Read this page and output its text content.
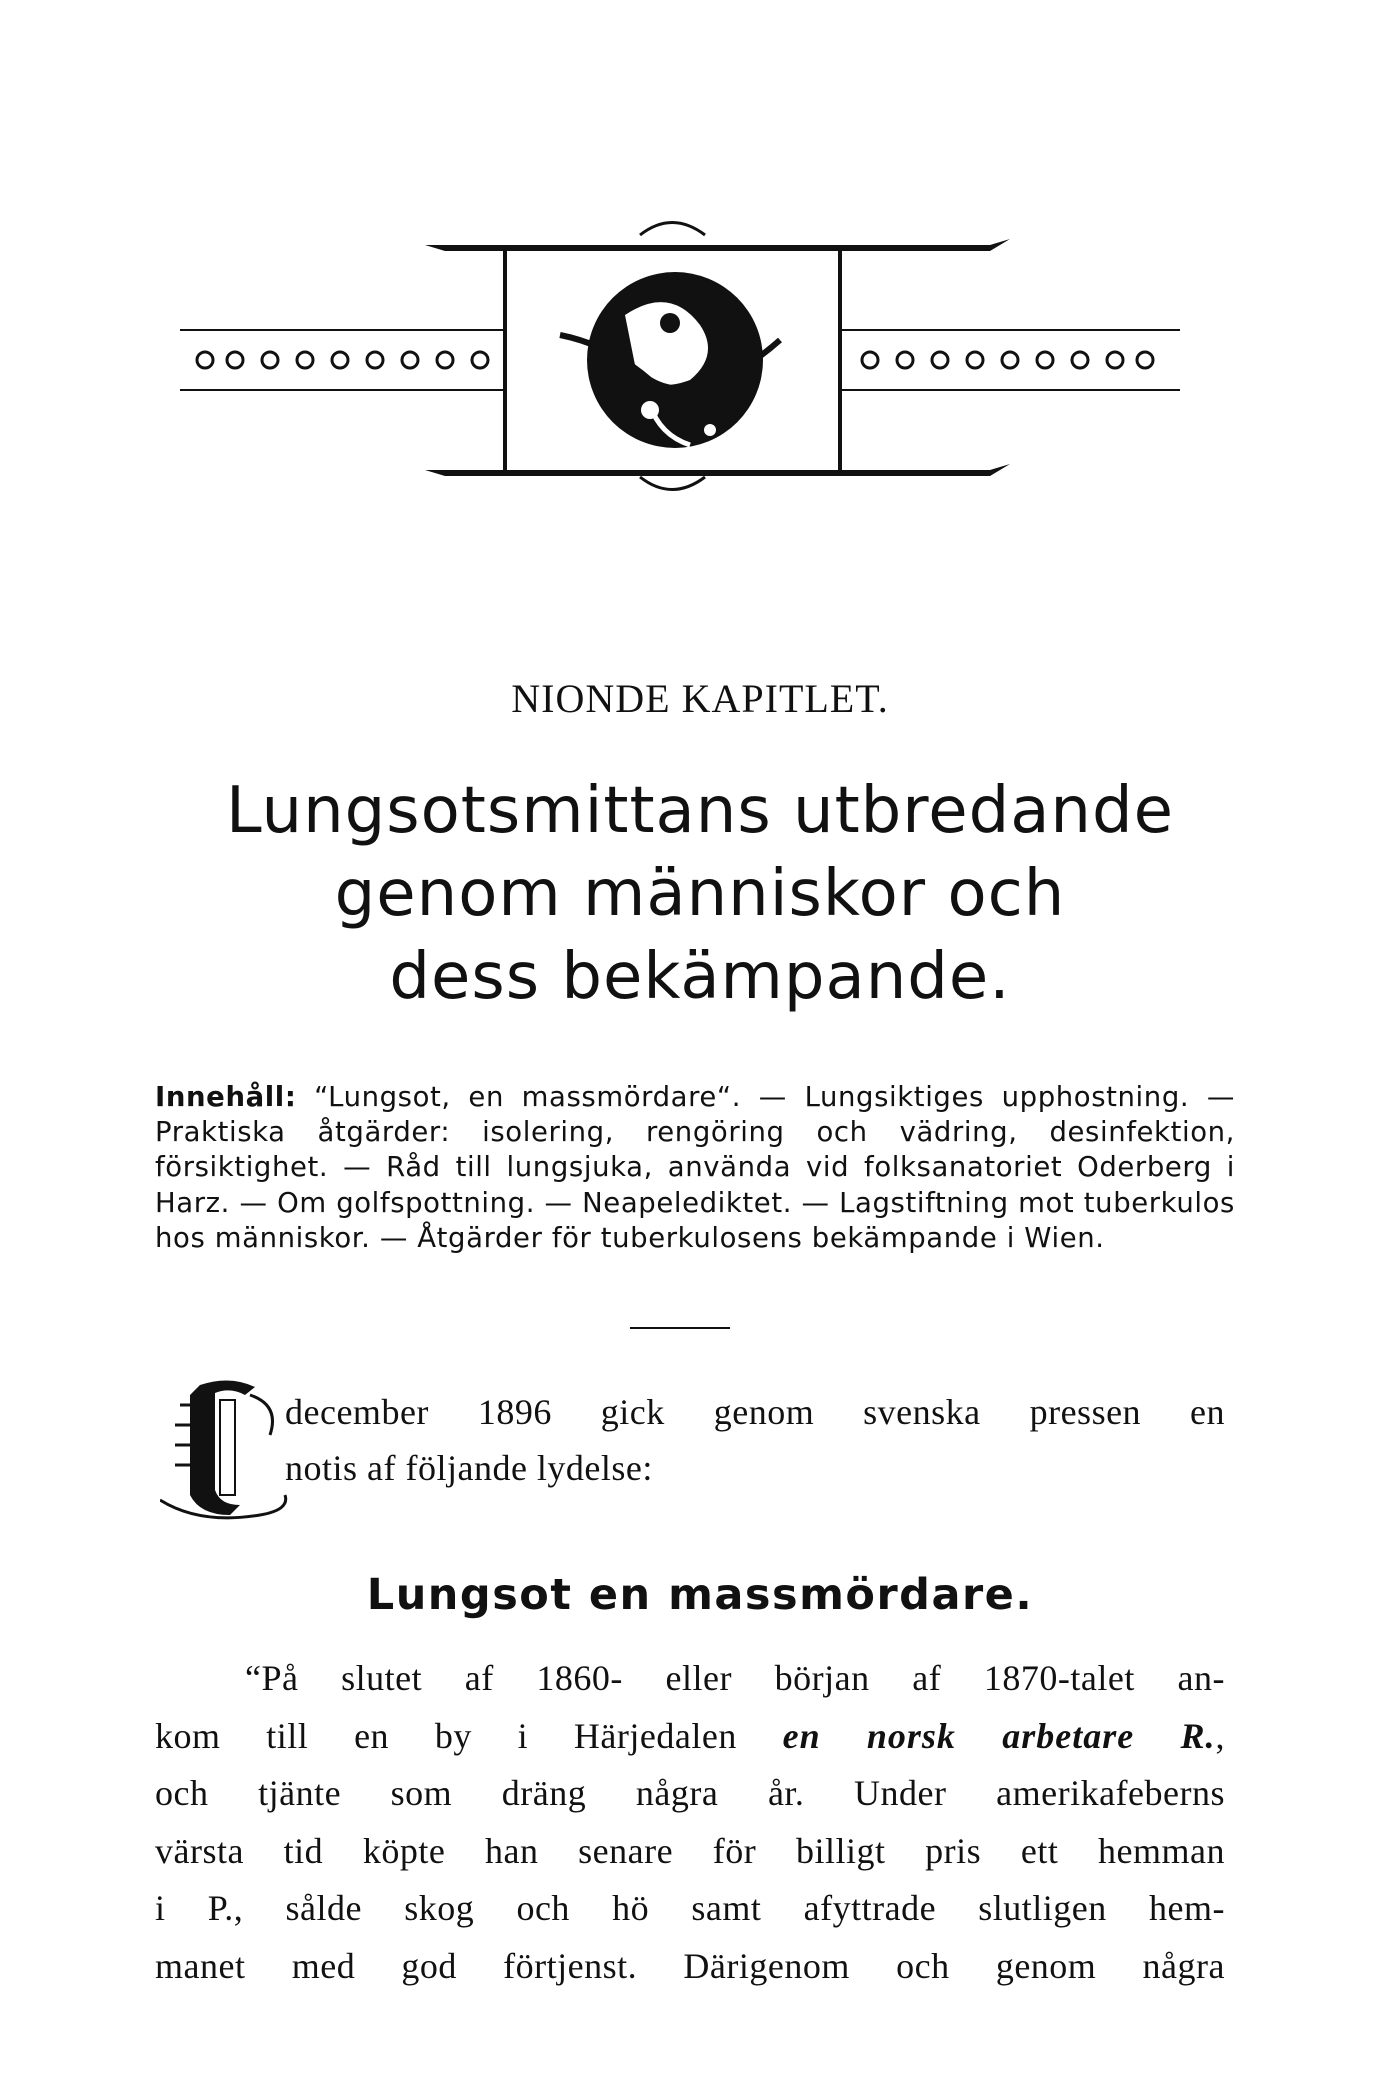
NIONDE KAPITLET.
Lungsotsmittans utbredande
genom människor och
dess bekämpande.
Innehåll: “Lungsot, en massmördare“. — Lungsiktiges upphostning. — Praktiska åtgärder: isolering, rengöring och vädring, desinfektion, försiktighet. — Råd till lungsjuka, använda vid folksanatoriet Oderberg i Harz. — Om golfspottning. — Neapelediktet. — Lagstiftning mot tuberkulos hos människor. — Åtgärder för tuberkulosens bekämpande i Wien.
december 1896 gick genom svenska pressen en
notis af följande lydelse:
Lungsot en massmördare.
“På slutet af 1860- eller början af 1870-talet an-
kom till en by i Härjedalen en norsk arbetare R.,
och tjänte som dräng några år. Under amerikafeberns
värsta tid köpte han senare för billigt pris ett hemman
i P., sålde skog och hö samt afyttrade slutligen hem-
manet med god förtjenst. Därigenom och genom några
